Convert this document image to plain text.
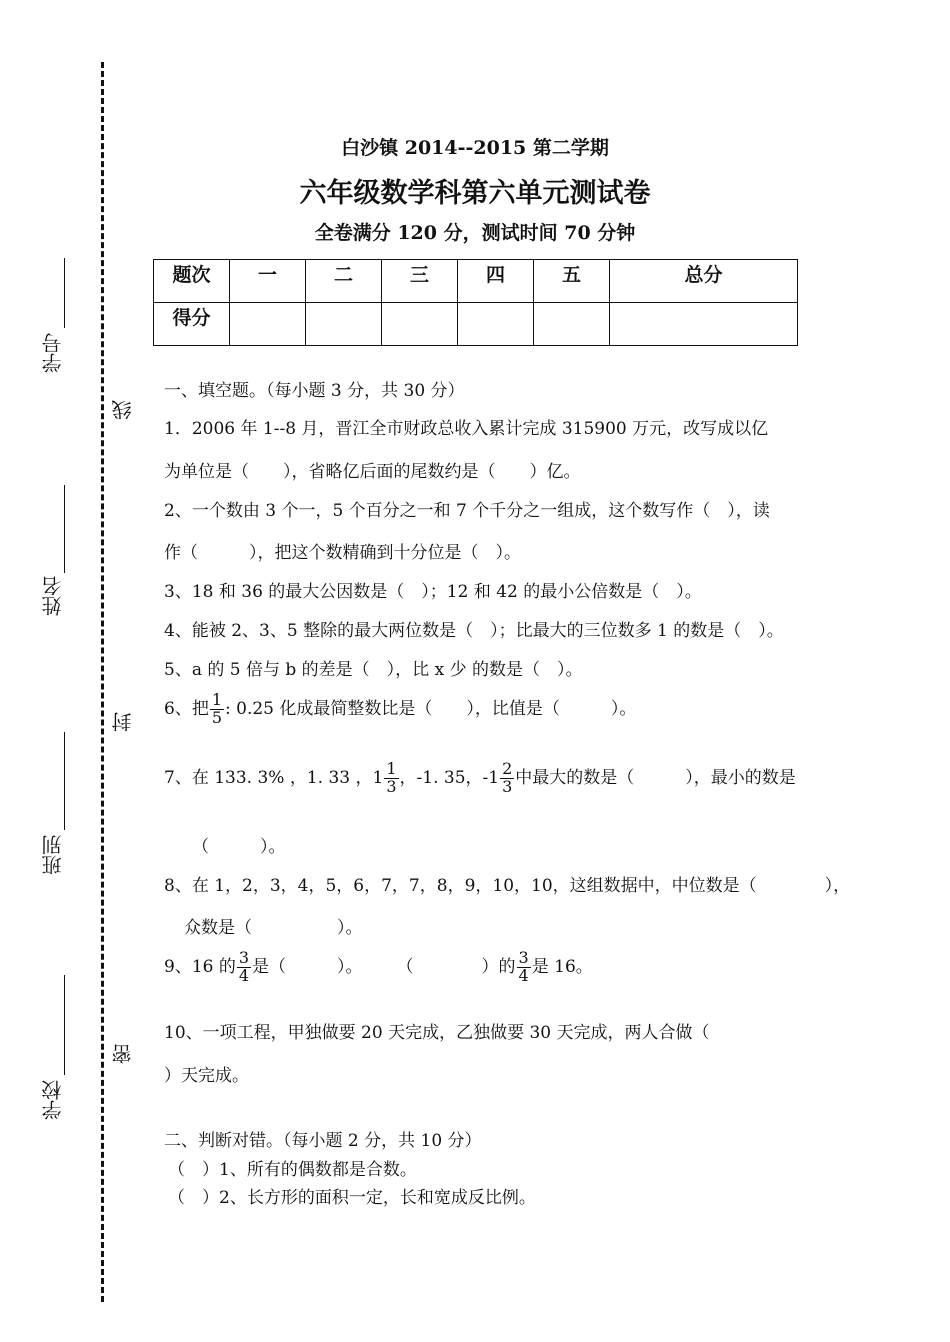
学号
姓名
班别
学校
线
封
密
白沙镇 2014--2015 第二学期
六年级数学科第六单元测试卷
全卷满分 120 分，测试时间 70 分钟
题次	一	二	三	四	五	总分
得分						
一、填空题。（每小题 3 分，共 30 分）
1．2006 年 1--8 月，晋江全市财政总收入累计完成 315900 万元，改写成以亿
为单位是（　　），省略亿后面的尾数约是（　　）亿。
2、一个数由 3 个一，5 个百分之一和 7 个千分之一组成，这个数写作（　），读
作（　　　），把这个数精确到十分位是（　）。
3、18 和 36 的最大公因数是（　）；12 和 42 的最小公倍数是（　）。
4、能被 2、3、5 整除的最大两位数是（　）；比最大的三位数多 1 的数是（　）。
5、a 的 5 倍与 b 的差是（　），比 x 少 的数是（　）。
6、把 $\frac{1}{5}$ : 0.25 化成最简整数比是（　　），比值是（　　　）。
7、在 133. 3% ，1. 33 ，$1 \frac{1}{3}$ ，-1. 35，$-1 \frac{2}{3}$ 中最大的数是（　　　），最小的数是
（　　　）。
8、在 1，2，3，4，5，6，7，7，8，9，10，10，这组数据中，中位数是（　　　　），
众数是（　　　　　）。
9、16 的 $\frac{3}{4}$ 是（　　　）。　　　（　　　　）的 $\frac{3}{4}$ 是 16。
10、一项工程，甲独做要 20 天完成，乙独做要 30 天完成，两人合做（
）天完成。
二、判断对错。（每小题 2 分，共 10 分）
（　）1、所有的偶数都是合数。
（　）2、长方形的面积一定，长和宽成反比例。
